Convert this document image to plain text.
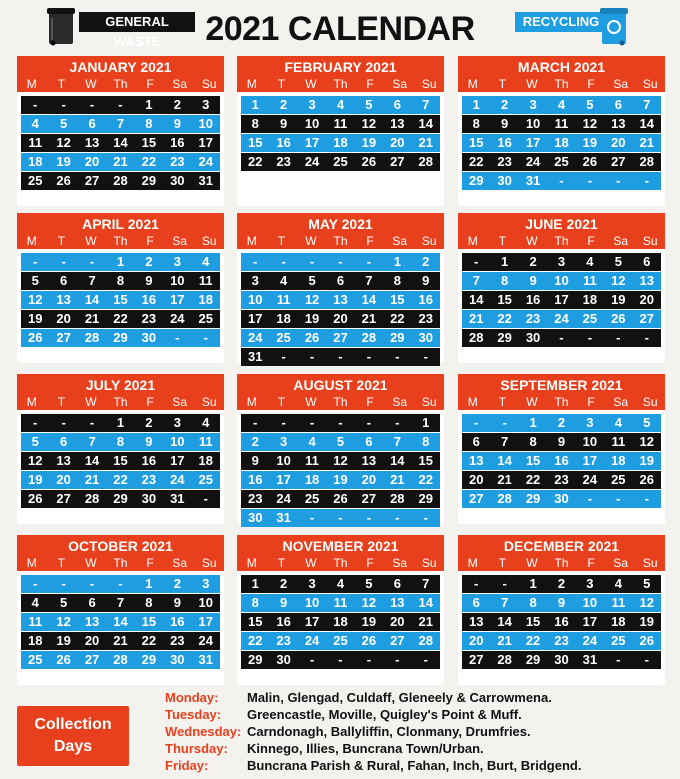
GENERAL WASTE	2021 CALENDAR	RECYCLING
JANUARY 2021
M	T	W	Th	F	Sa	Su
-	-	-	-	1	2	3
4	5	6	7	8	9	10
11	12	13	14	15	16	17
18	19	20	21	22	23	24
25	26	27	28	29	30	31
FEBRUARY 2021
M	T	W	Th	F	Sa	Su
1	2	3	4	5	6	7
8	9	10	11	12	13	14
15	16	17	18	19	20	21
22	23	24	25	26	27	28
MARCH 2021
M	T	W	Th	F	Sa	Su
1	2	3	4	5	6	7
8	9	10	11	12	13	14
15	16	17	18	19	20	21
22	23	24	25	26	27	28
29	30	31	-	-	-	-
APRIL 2021
M	T	W	Th	F	Sa	Su
-	-	-	1	2	3	4
5	6	7	8	9	10	11
12	13	14	15	16	17	18
19	20	21	22	23	24	25
26	27	28	29	30	-	-
MAY 2021
M	T	W	Th	F	Sa	Su
-	-	-	-	-	1	2
3	4	5	6	7	8	9
10	11	12	13	14	15	16
17	18	19	20	21	22	23
24	25	26	27	28	29	30
31	-	-	-	-	-	-
JUNE 2021
M	T	W	Th	F	Sa	Su
-	1	2	3	4	5	6
7	8	9	10	11	12	13
14	15	16	17	18	19	20
21	22	23	24	25	26	27
28	29	30	-	-	-	-
JULY 2021
M	T	W	Th	F	Sa	Su
-	-	-	1	2	3	4
5	6	7	8	9	10	11
12	13	14	15	16	17	18
19	20	21	22	23	24	25
26	27	28	29	30	31	-
AUGUST 2021
M	T	W	Th	F	Sa	Su
-	-	-	-	-	-	1
2	3	4	5	6	7	8
9	10	11	12	13	14	15
16	17	18	19	20	21	22
23	24	25	26	27	28	29
30	31	-	-	-	-	-
SEPTEMBER 2021
M	T	W	Th	F	Sa	Su
-	-	1	2	3	4	5
6	7	8	9	10	11	12
13	14	15	16	17	18	19
20	21	22	23	24	25	26
27	28	29	30	-	-	-
OCTOBER 2021
M	T	W	Th	F	Sa	Su
-	-	-	-	1	2	3
4	5	6	7	8	9	10
11	12	13	14	15	16	17
18	19	20	21	22	23	24
25	26	27	28	29	30	31
NOVEMBER 2021
M	T	W	Th	F	Sa	Su
1	2	3	4	5	6	7
8	9	10	11	12	13	14
15	16	17	18	19	20	21
22	23	24	25	26	27	28
29	30	-	-	-	-	-
DECEMBER 2021
M	T	W	Th	F	Sa	Su
-	-	1	2	3	4	5
6	7	8	9	10	11	12
13	14	15	16	17	18	19
20	21	22	23	24	25	26
27	28	29	30	31	-	-
Collection
Days
Monday:	Malin, Glengad, Culdaff, Gleneely & Carrowmena.
Tuesday:	Greencastle, Moville, Quigley's Point & Muff.
Wednesday: Carndonagh, Ballyliffin, Clonmany, Drumfries.
Thursday:	Kinnego, Illies, Buncrana Town/Urban.
Friday:	Buncrana Parish & Rural, Fahan, Inch, Burt, Bridgend.
